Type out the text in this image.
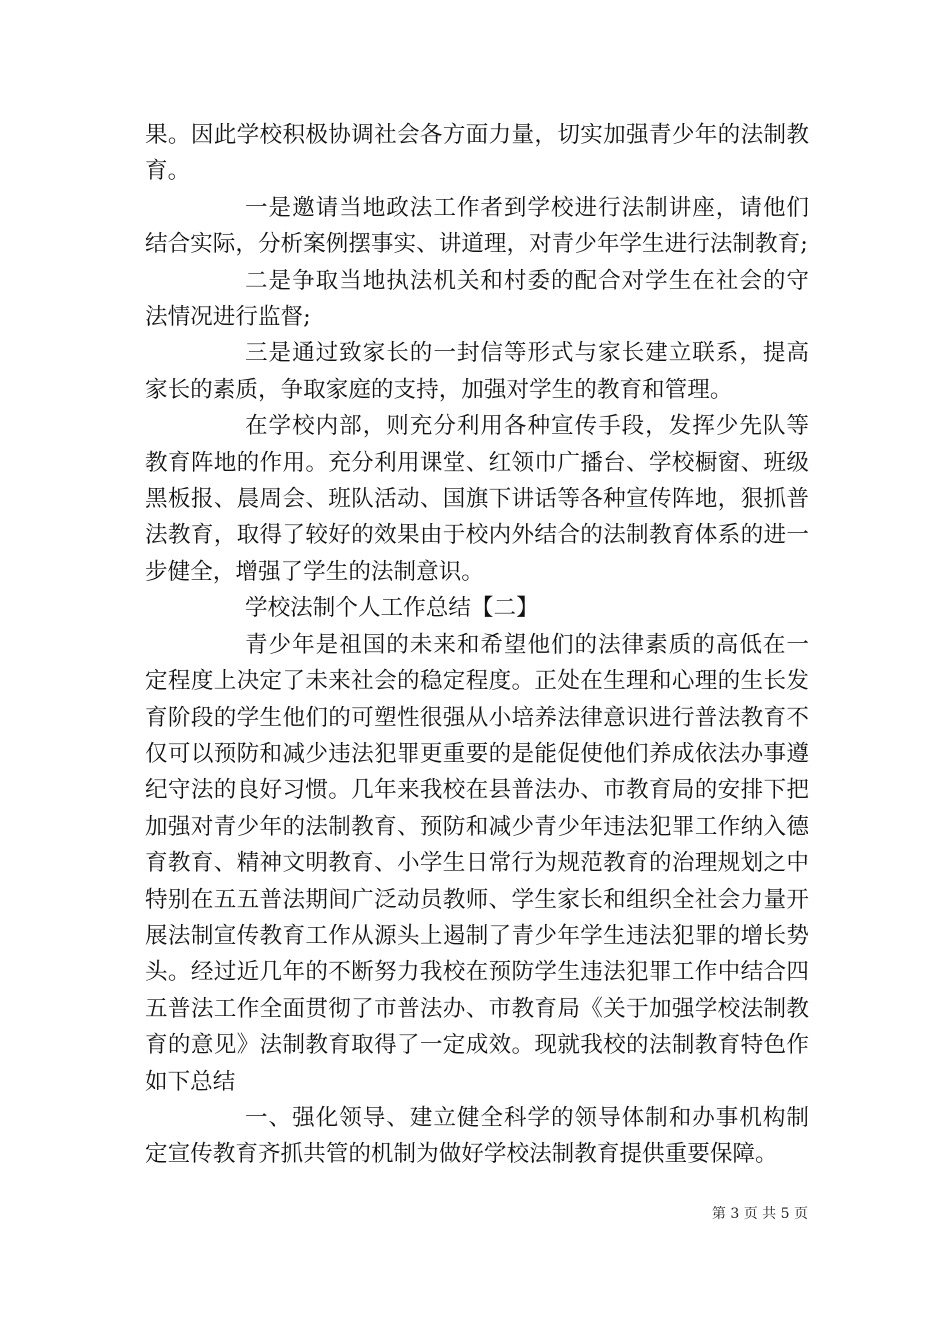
果。因此学校积极协调社会各方面力量，切实加强青少年的法制教育。

一是邀请当地政法工作者到学校进行法制讲座，请他们结合实际，分析案例摆事实、讲道理，对青少年学生进行法制教育;

二是争取当地执法机关和村委的配合对学生在社会的守法情况进行监督;

三是通过致家长的一封信等形式与家长建立联系，提高家长的素质，争取家庭的支持，加强对学生的教育和管理。

在学校内部，则充分利用各种宣传手段，发挥少先队等教育阵地的作用。充分利用课堂、红领巾广播台、学校橱窗、班级黑板报、晨周会、班队活动、国旗下讲话等各种宣传阵地，狠抓普法教育，取得了较好的效果由于校内外结合的法制教育体系的进一步健全，增强了学生的法制意识。

学校法制个人工作总结【二】

青少年是祖国的未来和希望他们的法律素质的高低在一定程度上决定了未来社会的稳定程度。正处在生理和心理的生长发育阶段的学生他们的可塑性很强从小培养法律意识进行普法教育不仅可以预防和减少违法犯罪更重要的是能促使他们养成依法办事遵纪守法的良好习惯。几年来我校在县普法办、市教育局的安排下把加强对青少年的法制教育、预防和减少青少年违法犯罪工作纳入德育教育、精神文明教育、小学生日常行为规范教育的治理规划之中特别在五五普法期间广泛动员教师、学生家长和组织全社会力量开展法制宣传教育工作从源头上遏制了青少年学生违法犯罪的增长势头。经过近几年的不断努力我校在预防学生违法犯罪工作中结合四五普法工作全面贯彻了市普法办、市教育局《关于加强学校法制教育的意见》法制教育取得了一定成效。现就我校的法制教育特色作如下总结

一、强化领导、建立健全科学的领导体制和办事机构制定宣传教育齐抓共管的机制为做好学校法制教育提供重要保障。

第 3 页 共 5 页
